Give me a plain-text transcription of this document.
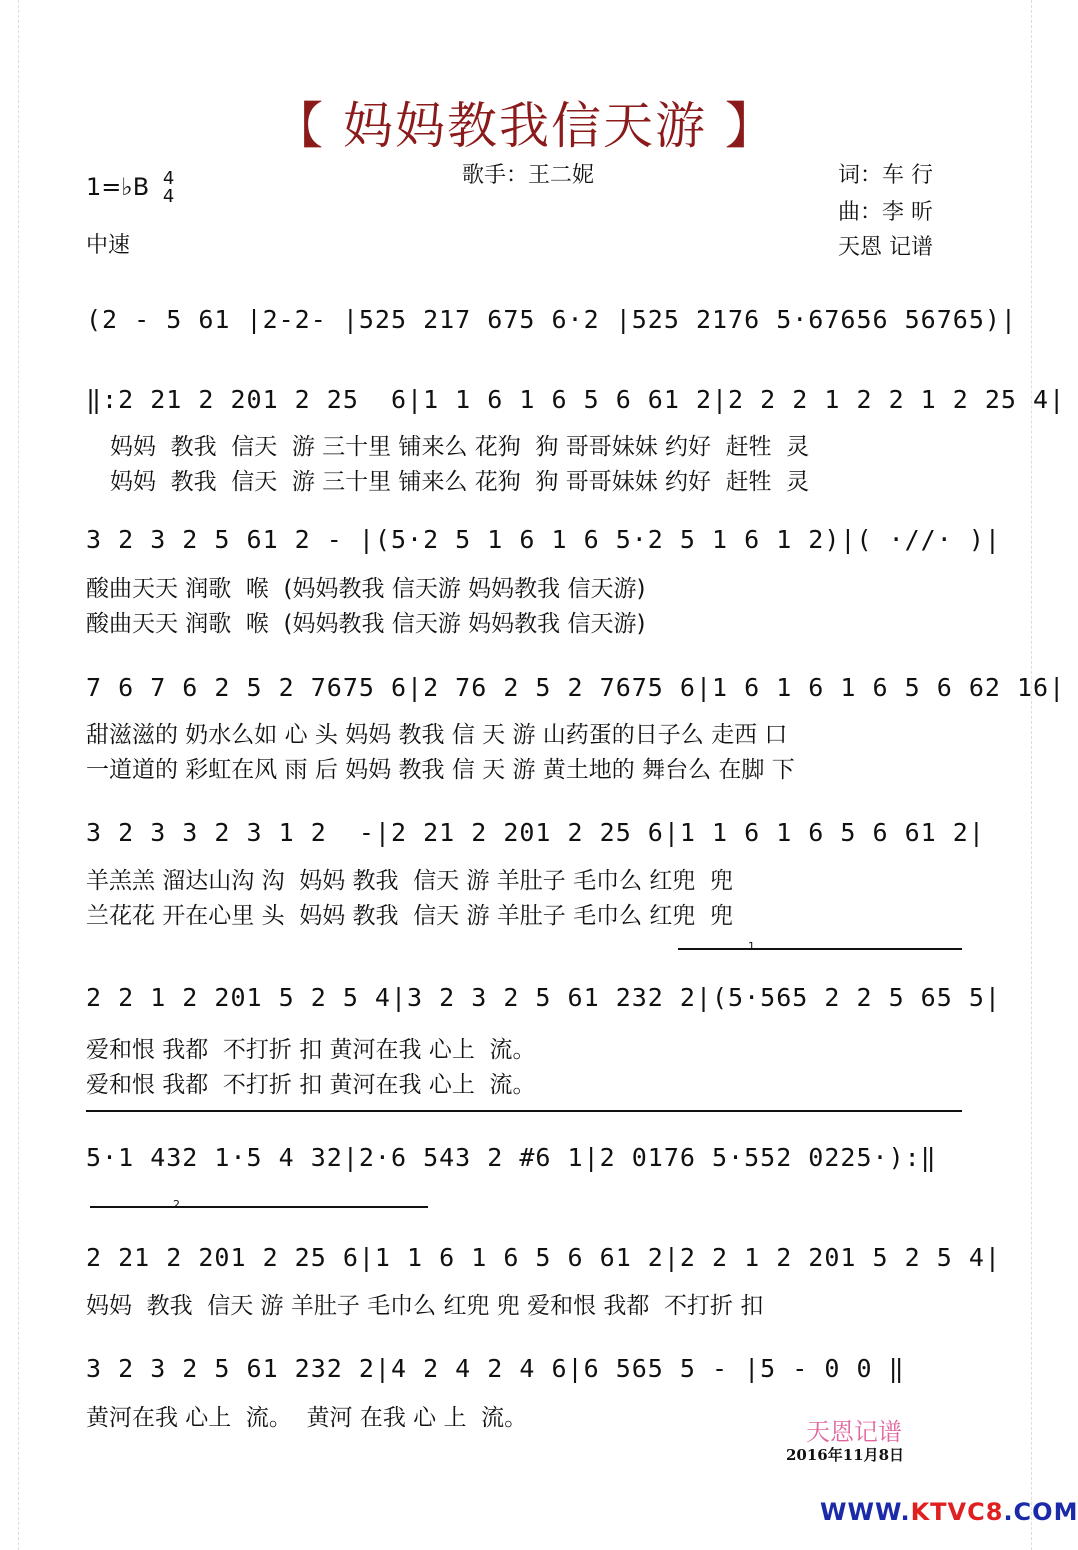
【 妈妈教我信天游 】
1=♭B 4
4
中速
歌手：王二妮	词：车 行
曲：李 昕
天恩 记谱
(2 - 5 61 |2-2- |525 217 675 6·2 |525 2176 5·67656 56765)|
‖:2 21 2 201 2 25  6|1 1 6 1 6 5 6 61 2|2 2 2 1 2 2 1 2 25 4|
妈妈  教我  信天  游 三十里 铺来么 花狗  狗 哥哥妹妹 约好  赶牲  灵
妈妈  教我  信天  游 三十里 铺来么 花狗  狗 哥哥妹妹 约好  赶牲  灵
3 2 3 2 5 61 2 - |(5·2 5 1 6 1 6 5·2 5 1 6 1 2)|( ·//· )|
酸曲天天 润歌  喉  (妈妈教我 信天游 妈妈教我 信天游)
酸曲天天 润歌  喉  (妈妈教我 信天游 妈妈教我 信天游)
7 6 7 6 2 5 2 7675 6|2 76 2 5 2 7675 6|1 6 1 6 1 6 5 6 62 16|
甜滋滋的 奶水么如 心 头 妈妈 教我 信 天 游 山药蛋的日子么 走西 口
一道道的 彩虹在风 雨 后 妈妈 教我 信 天 游 黄土地的 舞台么 在脚 下
3 2 3 3 2 3 1 2  -|2 21 2 201 2 25 6|1 1 6 1 6 5 6 61 2|
羊羔羔 溜达山沟 沟  妈妈 教我  信天 游 羊肚子 毛巾么 红兜  兜
兰花花 开在心里 头  妈妈 教我  信天 游 羊肚子 毛巾么 红兜  兜
1
2 2 1 2 201 5 2 5 4|3 2 3 2 5 61 232 2|(5·565 2 2 5 65 5|
爱和恨 我都  不打折 扣 黄河在我 心上  流。
爱和恨 我都  不打折 扣 黄河在我 心上  流。
5·1 432 1·5 4 32|2·6 543 2 #6 1|2 0176 5·552 0225·):‖
2
2 21 2 201 2 25 6|1 1 6 1 6 5 6 61 2|2 2 1 2 201 5 2 5 4|
妈妈  教我  信天 游 羊肚子 毛巾么 红兜 兜 爱和恨 我都  不打折 扣
3 2 3 2 5 61 232 2|4 2 4 2 4 6|6 565 5 - |5 - 0 0 ‖
黄河在我 心上  流。  黄河 在我 心 上  流。	天恩记谱
2016年11月8日
WWW.KTVC8.COM
